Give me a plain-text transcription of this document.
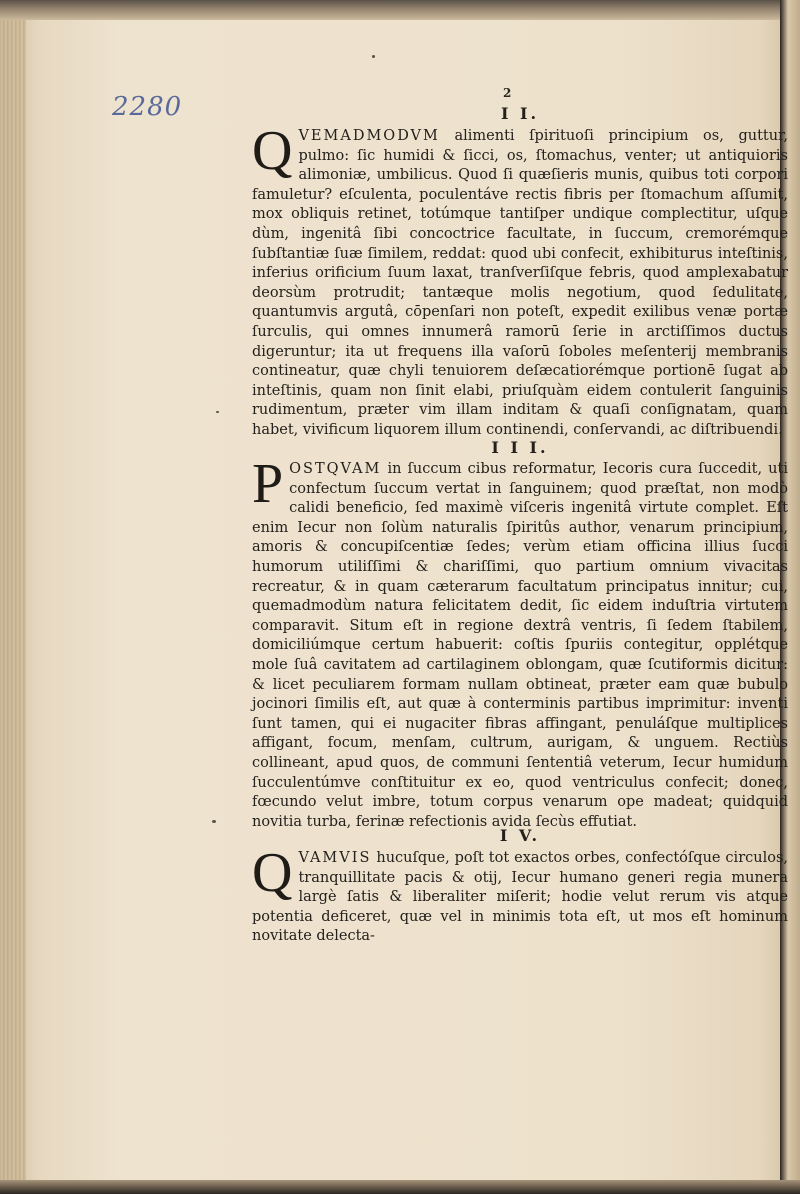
2280	2
I I.

Q VEMADMODVM alimenti ſpirituoſi principium os, guttur, pulmo: ſic humidi & ſicci, os, ſtomachus, venter; ut antiquioris alimoniæ, umbilicus. Quod ſi quæſieris munis, quibus toti corpori famuletur? eſculenta, poculentáve rectis fibris per ſtomachum aſſumit, mox obliquis retinet, totúmque tantiſper undique complectitur, uſque dùm, ingenitâ ſibi concoctrice facultate, in ſuccum, cremorémque ſubſtantiæ ſuæ ſimilem, reddat: quod ubi confecit, exhibiturus inteſtinis, inferius orificium ſuum laxat, tranſverſiſque febris, quod amplexabatur deorsùm protrudit; tantæque molis negotium, quod ſedulitate, quantumvis argutâ, cōpenſari non poteſt, expedit exilibus venæ portæ ſurculis, qui omnes innumerâ ramorū ſerie in arctiſſimos ductus digeruntur; ita ut frequens illa vaſorū ſoboles meſenterij membranis contineatur, quæ chyli tenuiorem deſæcatiorémque portionē ſugat ab inteſtinis, quam non ſinit elabi, priuſquàm eidem contulerit ſanguinis rudimentum, præter vim illam inditam & quaſi conſignatam, quam habet, vivificum liquorem illum continendi, conſervandi, ac diſtribuendi.

I I I.

P OSTQVAM in ſuccum cibus reformatur, Iecoris cura ſuccedit, uti confectum ſuccum vertat in ſanguinem; quod præſtat, non modò calidi beneficio, ſed maximè viſceris ingenitâ virtute complet. Eſt enim Iecur non ſolùm naturalis ſpiritûs author, venarum principium, amoris & concupiſcentiæ ſedes; verùm etiam officina illius ſucci humorum utiliſſimi & chariſſimi, quo partium omnium vivacitas recreatur, & in quam cæterarum facultatum principatus innitur; cui, quemadmodùm natura felicitatem dedit, ſic eidem induſtria virtutem comparavit. Situm eſt in regione dextrâ ventris, ſi ſedem ſtabilem, domiciliúmque certum habuerit: coſtis ſpuriis contegitur, opplétque mole ſuâ cavitatem ad cartilaginem oblongam, quæ ſcutiformis dicitur: & licet peculiarem formam nullam obtineat, præter eam quæ bubulo jocinori ſimilis eſt, aut quæ à conterminis partibus imprimitur: inventi ſunt tamen, qui ei nugaciter fibras affingant, penuláſque multiplices affigant, focum, menſam, cultrum, aurigam, & unguem. Rectiùs collineant, apud quos, de communi ſententiâ veterum, Iecur humidum ſucculentúmve conſtituitur ex eo, quod ventriculus confecit; donec, fœcundo velut imbre, totum corpus venarum ope madeat; quidquid novitia turba, ferinæ refectionis avida ſecùs effutiat.

I V.

Q VAMVIS hucuſque, poſt tot exactos orbes, confectóſque circulos, tranquillitate pacis & otij, Iecur humano generi regia munera largè ſatis & liberaliter miſerit; hodie velut rerum vis atque potentia deficeret, quæ vel in minimis tota eſt, ut mos eſt hominum novitate delecta-
